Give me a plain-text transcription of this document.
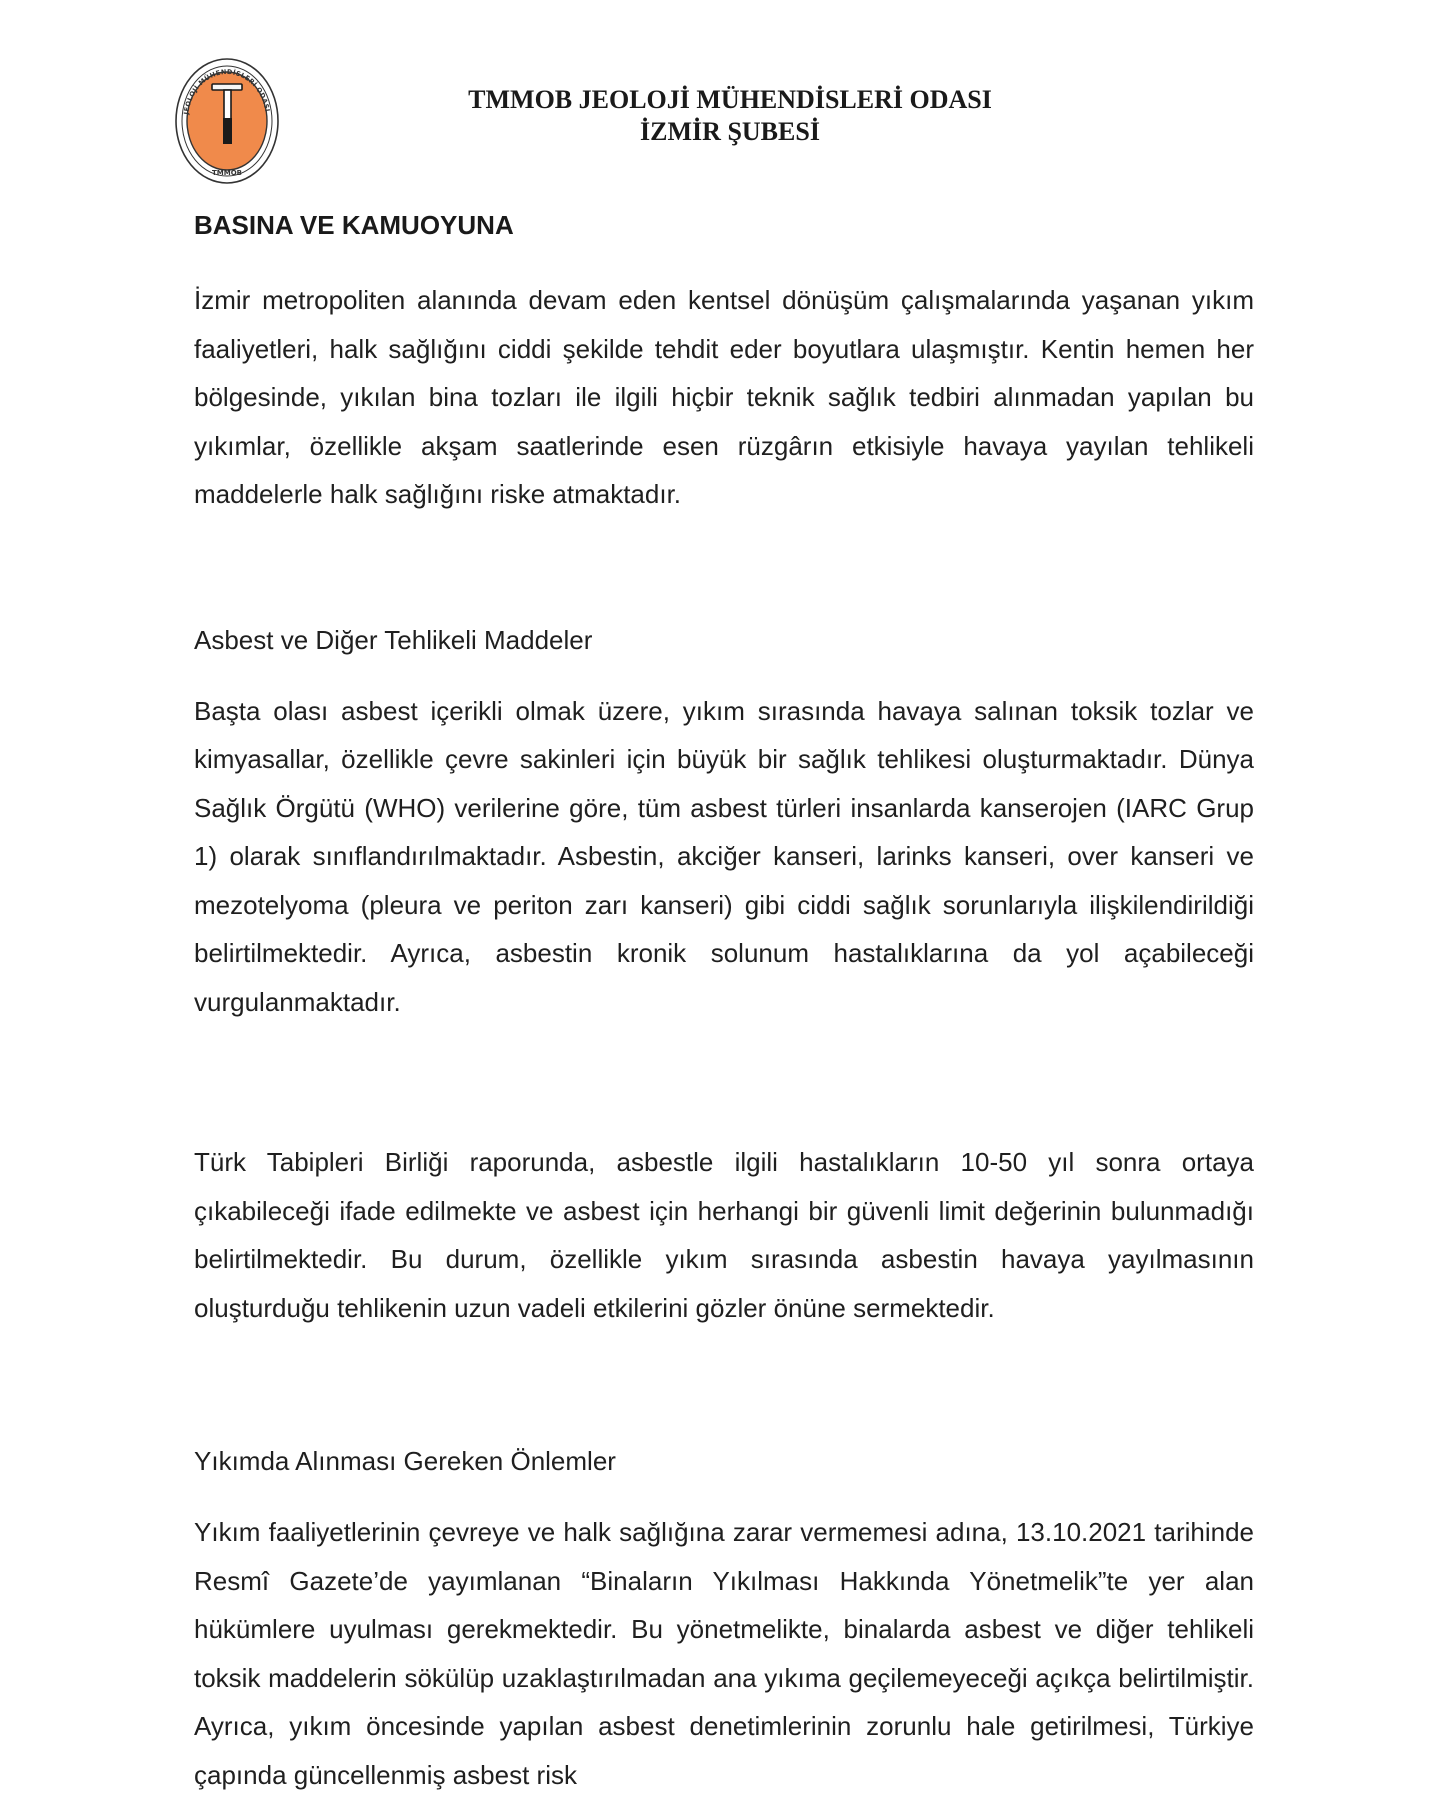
JEOLOJİ MÜHENDİSLERİ ODASI
TMMOB
TMMOB JEOLOJİ MÜHENDİSLERİ ODASI
İZMİR ŞUBESİ

BASINA VE KAMUOYUNA

İzmir metropoliten alanında devam eden kentsel dönüşüm çalışmalarında yaşanan yıkım faaliyetleri, halk sağlığını ciddi şekilde tehdit eder boyutlara ulaşmıştır. Kentin hemen her bölgesinde, yıkılan bina tozları ile ilgili hiçbir teknik sağlık tedbiri alınmadan yapılan bu yıkımlar, özellikle akşam saatlerinde esen rüzgârın etkisiyle havaya yayılan tehlikeli maddelerle halk sağlığını riske atmaktadır.

Asbest ve Diğer Tehlikeli Maddeler

Başta olası asbest içerikli olmak üzere, yıkım sırasında havaya salınan toksik tozlar ve kimyasallar, özellikle çevre sakinleri için büyük bir sağlık tehlikesi oluşturmaktadır. Dünya Sağlık Örgütü (WHO) verilerine göre, tüm asbest türleri insanlarda kanserojen (IARC Grup 1) olarak sınıflandırılmaktadır. Asbestin, akciğer kanseri, larinks kanseri, over kanseri ve mezotelyoma (pleura ve periton zarı kanseri) gibi ciddi sağlık sorunlarıyla ilişkilendirildiği belirtilmektedir. Ayrıca, asbestin kronik solunum hastalıklarına da yol açabileceği vurgulanmaktadır.

Türk Tabipleri Birliği raporunda, asbestle ilgili hastalıkların 10-50 yıl sonra ortaya çıkabileceği ifade edilmekte ve asbest için herhangi bir güvenli limit değerinin bulunmadığı belirtilmektedir. Bu durum, özellikle yıkım sırasında asbestin havaya yayılmasının oluşturduğu tehlikenin uzun vadeli etkilerini gözler önüne sermektedir.

Yıkımda Alınması Gereken Önlemler

Yıkım faaliyetlerinin çevreye ve halk sağlığına zarar vermemesi adına, 13.10.2021 tarihinde Resmî Gazete’de yayımlanan “Binaların Yıkılması Hakkında Yönetmelik”te yer alan hükümlere uyulması gerekmektedir. Bu yönetmelikte, binalarda asbest ve diğer tehlikeli toksik maddelerin sökülüp uzaklaştırılmadan ana yıkıma geçilemeyeceği açıkça belirtilmiştir. Ayrıca, yıkım öncesinde yapılan asbest denetimlerinin zorunlu hale getirilmesi, Türkiye çapında güncellenmiş asbest risk
